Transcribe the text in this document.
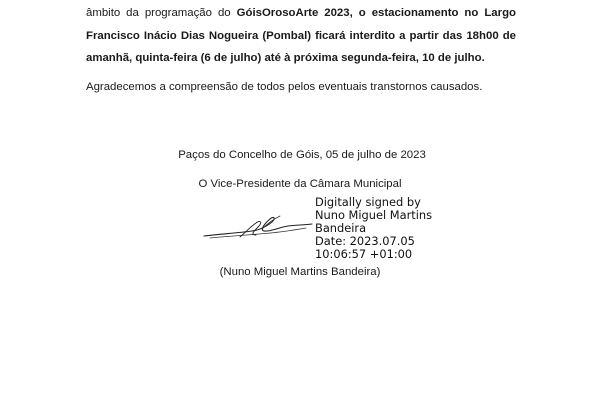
âmbito da programação do GóisOrosoArte 2023, o estacionamento no Largo Francisco Inácio Dias Nogueira (Pombal) ficará interdito a partir das 18h00 de amanhã, quinta-feira (6 de julho) até à próxima segunda-feira, 10 de julho.

Agradecemos a compreensão de todos pelos eventuais transtornos causados.

Paços do Concelho de Góis, 05 de julho de 2023
O Vice-Presidente da Câmara Municipal
Digitally signed by
Nuno Miguel Martins
Bandeira
Date: 2023.07.05
10:06:57 +01:00
(Nuno Miguel Martins Bandeira)
